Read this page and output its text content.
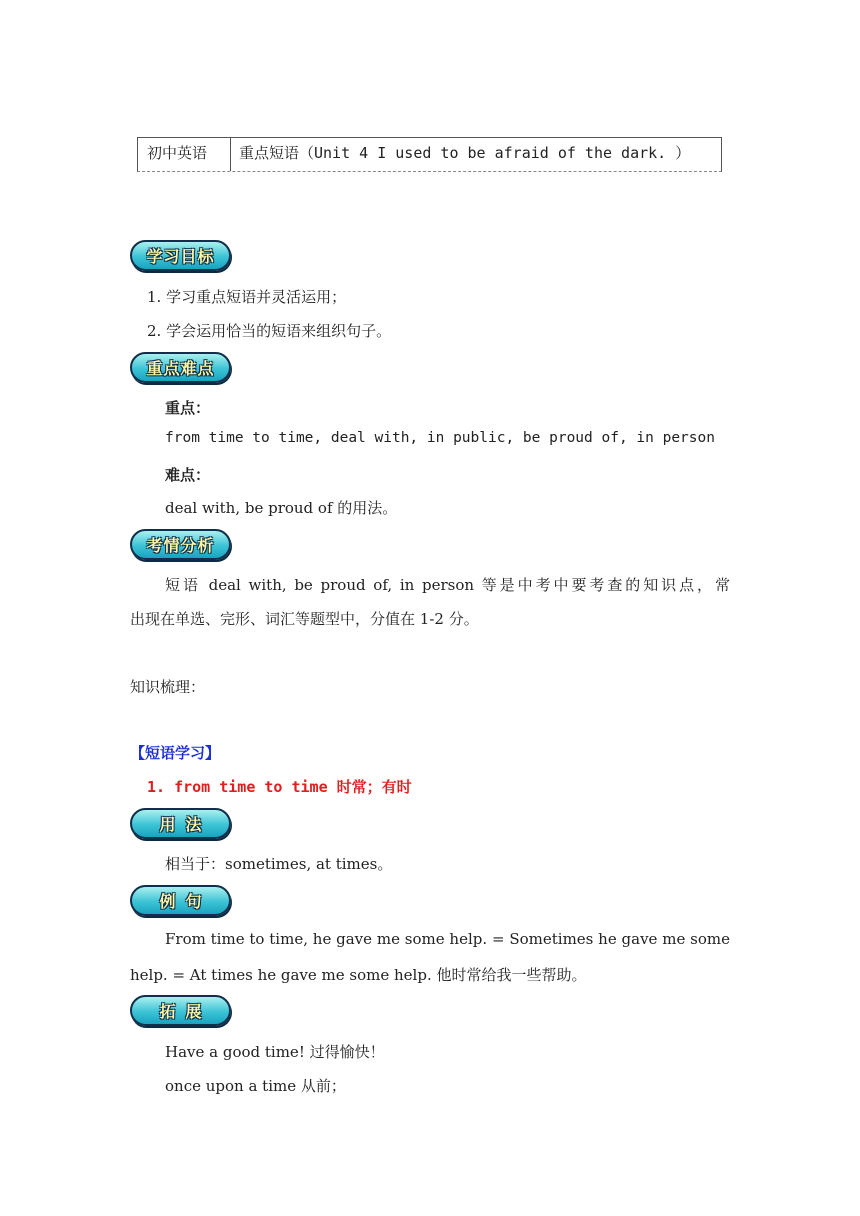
初中英语	重点短语（Unit 4 I used to be afraid of the dark. ）
学习目标
1. 学习重点短语并灵活运用；
2. 学会运用恰当的短语来组织句子。
重点难点
重点：
from time to time, deal with, in public, be proud of, in person
难点：
deal with, be proud of 的用法。
考情分析
短语 deal with, be proud of, in person 等是中考中要考查的知识点，常
出现在单选、完形、词汇等题型中，分值在 1-2 分。
知识梳理：
【短语学习】
1. from time to time 时常；有时
用法
相当于：sometimes, at times。
例句
From time to time, he gave me some help. = Sometimes he gave me some
help. = At times he gave me some help. 他时常给我一些帮助。
拓展
Have a good time! 过得愉快！
once upon a time 从前；
